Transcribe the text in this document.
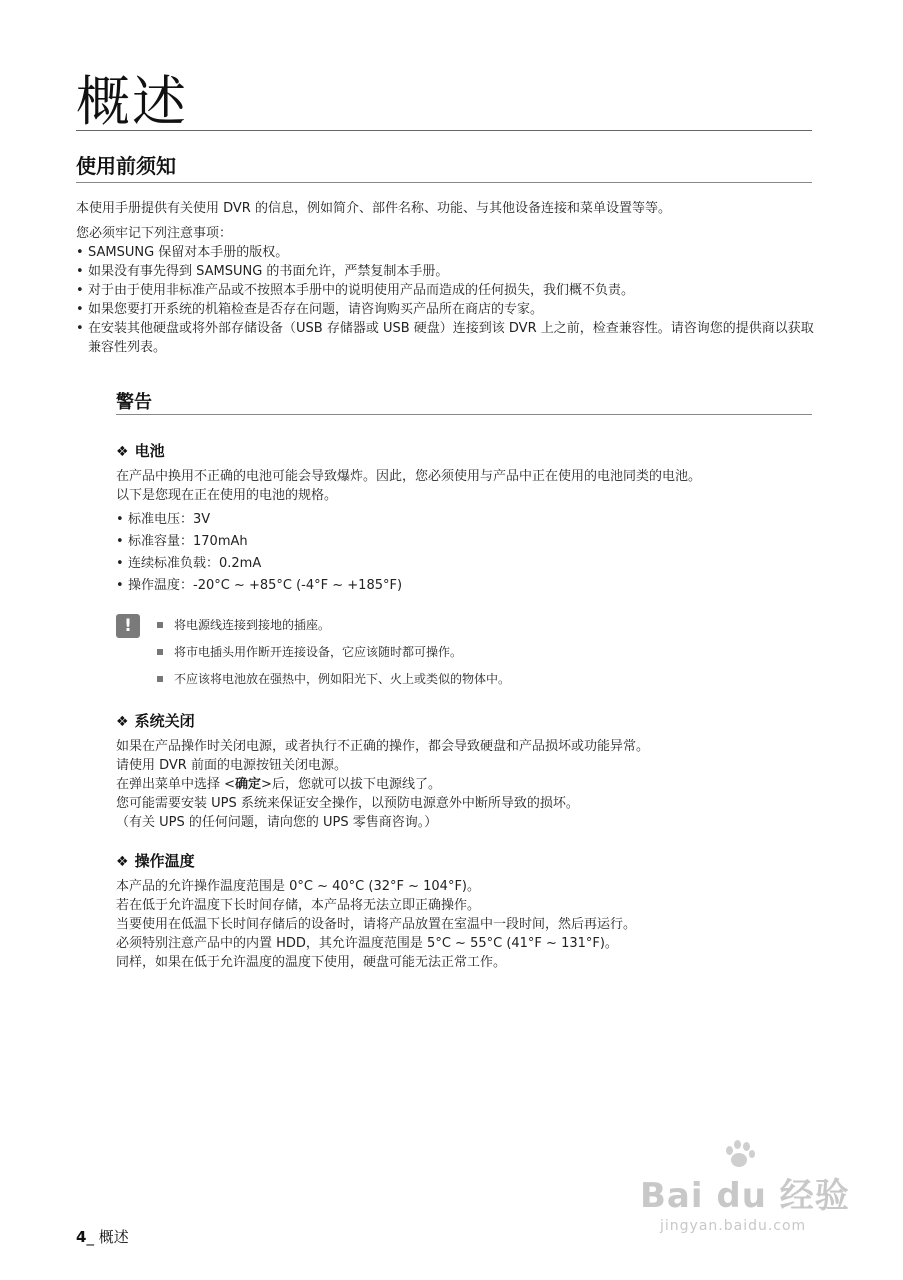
概述
使用前须知

本使用手册提供有关使用 DVR 的信息，例如简介、部件名称、功能、与其他设备连接和菜单设置等等。

您必须牢记下列注意事项：

• SAMSUNG 保留对本手册的版权。
• 如果没有事先得到 SAMSUNG 的书面允许，严禁复制本手册。
• 对于由于使用非标准产品或不按照本手册中的说明使用产品而造成的任何损失，我们概不负责。
• 如果您要打开系统的机箱检查是否存在问题，请咨询购买产品所在商店的专家。
• 在安装其他硬盘或将外部存储设备（USB 存储器或 USB 硬盘）连接到该 DVR 上之前，检查兼容性。请咨询您的提供商以获取兼容性列表。
警告
❖ 电池
在产品中换用不正确的电池可能会导致爆炸。因此，您必须使用与产品中正在使用的电池同类的电池。
以下是您现在正在使用的电池的规格。
• 标准电压：3V
• 标准容量：170mAh
• 连续标准负载：0.2mA
• 操作温度：-20°C ~ +85°C (-4°F ~ +185°F)
!	将电源线连接到接地的插座。
将市电插头用作断开连接设备，它应该随时都可操作。
不应该将电池放在强热中，例如阳光下、火上或类似的物体中。
❖ 系统关闭
如果在产品操作时关闭电源，或者执行不正确的操作，都会导致硬盘和产品损坏或功能异常。
请使用 DVR 前面的电源按钮关闭电源。
在弹出菜单中选择 <确定>后，您就可以拔下电源线了。
您可能需要安装 UPS 系统来保证安全操作，以预防电源意外中断所导致的损坏。
（有关 UPS 的任何问题，请向您的 UPS 零售商咨询。）
❖ 操作温度
本产品的允许操作温度范围是 0°C ~ 40°C (32°F ~ 104°F)。
若在低于允许温度下长时间存储，本产品将无法立即正确操作。
当要使用在低温下长时间存储后的设备时，请将产品放置在室温中一段时间，然后再运行。
必须特别注意产品中的内置 HDD，其允许温度范围是 5°C ~ 55°C (41°F ~ 131°F)。
同样，如果在低于允许温度的温度下使用，硬盘可能无法正常工作。
Bai du 经验
jingyan.baidu.com
4_ 概述
